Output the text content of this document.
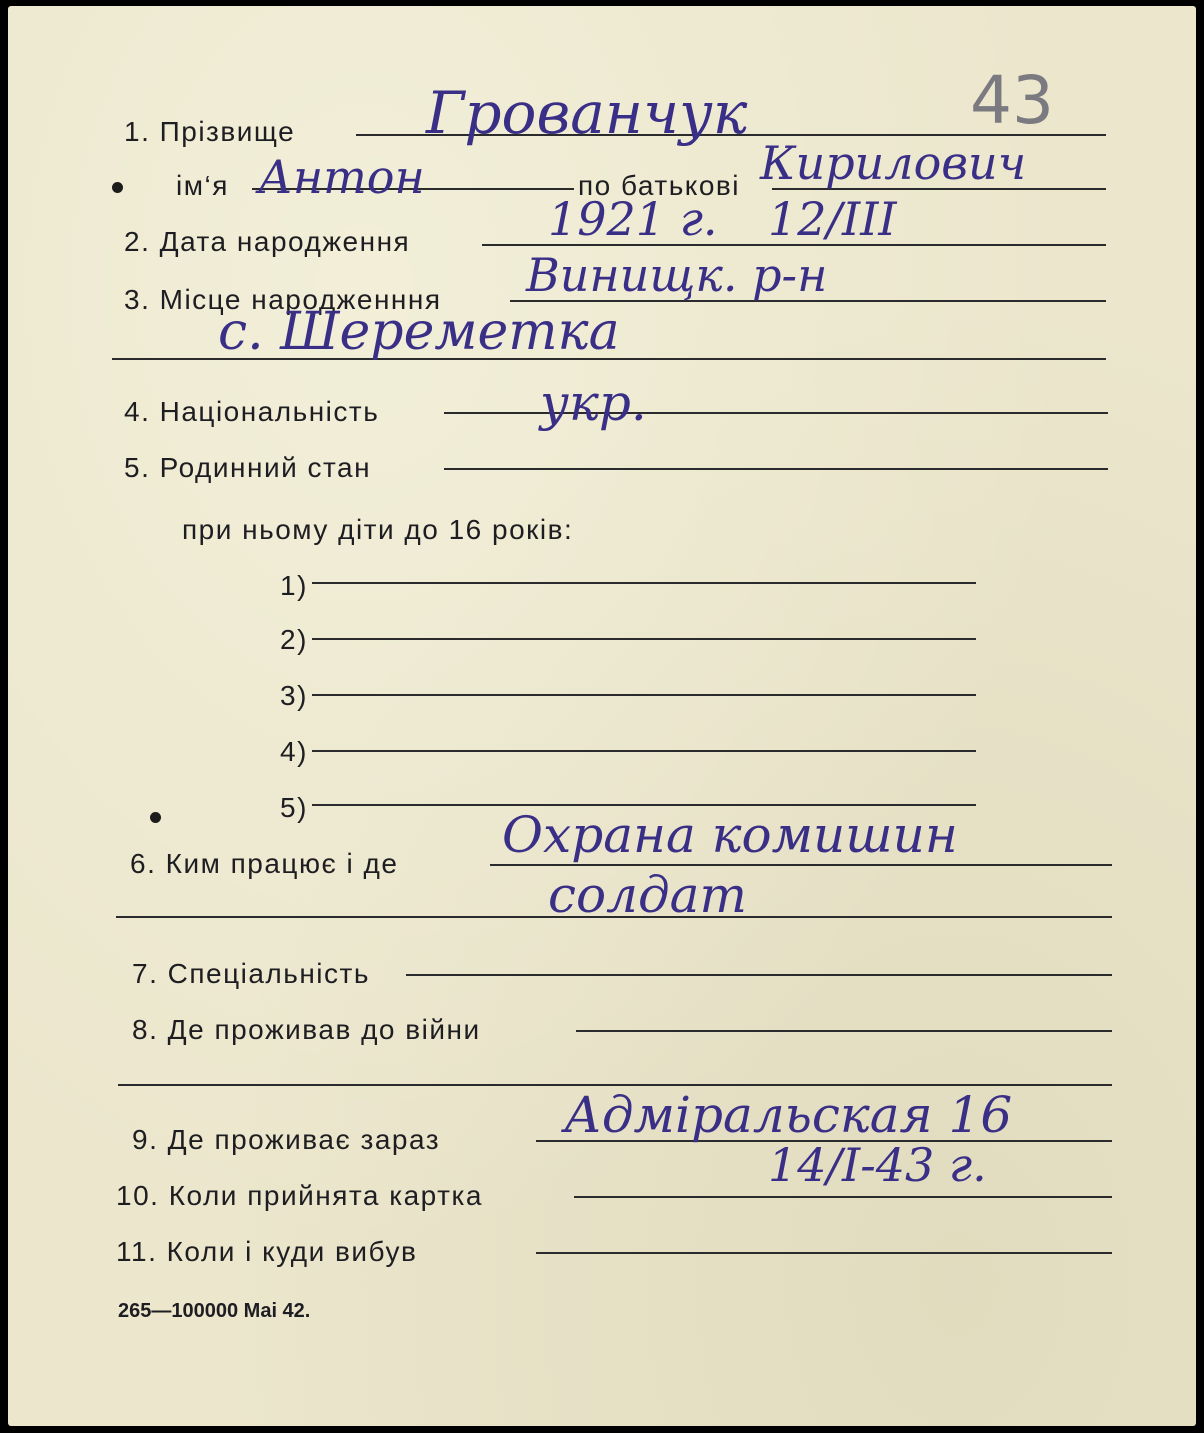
43
1. Прізвище Грованчук
ім‘я Антон	по батькові Кирилович
2. Дата народження	1921 г. 12/III
3. Місце народженння Винищк. р-н
с. Шереметка
4. Національність	укр.
5. Родинний стан
при ньому діти до 16 років:
1)
2)
3)
4)
5)
6. Ким працює і де Охрана комишин
солдат
7. Спеціальність
8. Де проживав до війни
9. Де проживає зараз Адміральская 16
10. Коли прийнята картка
14/I-43 г.
11. Коли і куди вибув
265—100000 Mai 42.
